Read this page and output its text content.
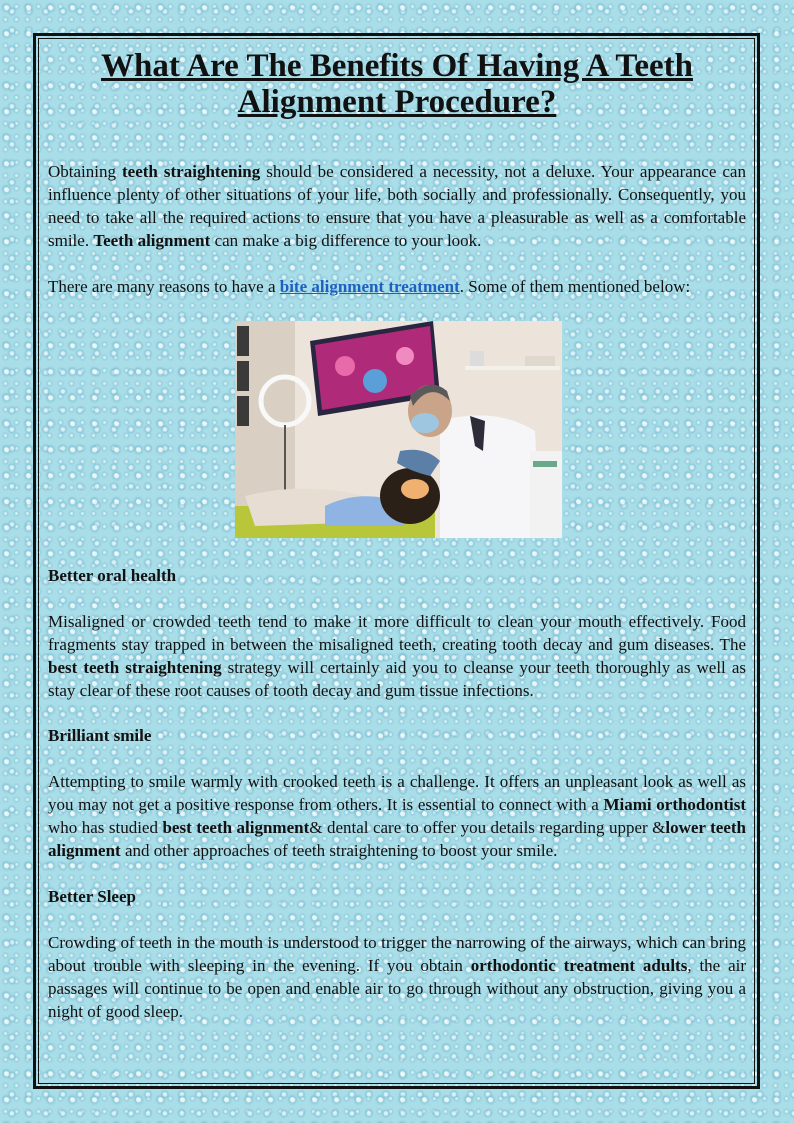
What Are The Benefits Of Having A Teeth
Alignment Procedure?

Obtaining teeth straightening should be considered a necessity, not a deluxe. Your appearance can influence plenty of other situations of your life, both socially and professionally. Consequently, you need to take all the required actions to ensure that you have a pleasurable as well as a comfortable smile. Teeth alignment can make a big difference to your look.

There are many reasons to have a bite alignment treatment. Some of them mentioned below:

Better oral health

Misaligned or crowded teeth tend to make it more difficult to clean your mouth effectively. Food fragments stay trapped in between the misaligned teeth, creating tooth decay and gum diseases. The best teeth straightening strategy will certainly aid you to cleanse your teeth thoroughly as well as stay clear of these root causes of tooth decay and gum tissue infections.

Brilliant smile

Attempting to smile warmly with crooked teeth is a challenge. It offers an unpleasant look as well as you may not get a positive response from others. It is essential to connect with a Miami orthodontist who has studied best teeth alignment& dental care to offer you details regarding upper &lower teeth alignment and other approaches of teeth straightening to boost your smile.

Better Sleep

Crowding of teeth in the mouth is understood to trigger the narrowing of the airways, which can bring about trouble with sleeping in the evening. If you obtain orthodontic treatment adults, the air passages will continue to be open and enable air to go through without any obstruction, giving you a night of good sleep.
